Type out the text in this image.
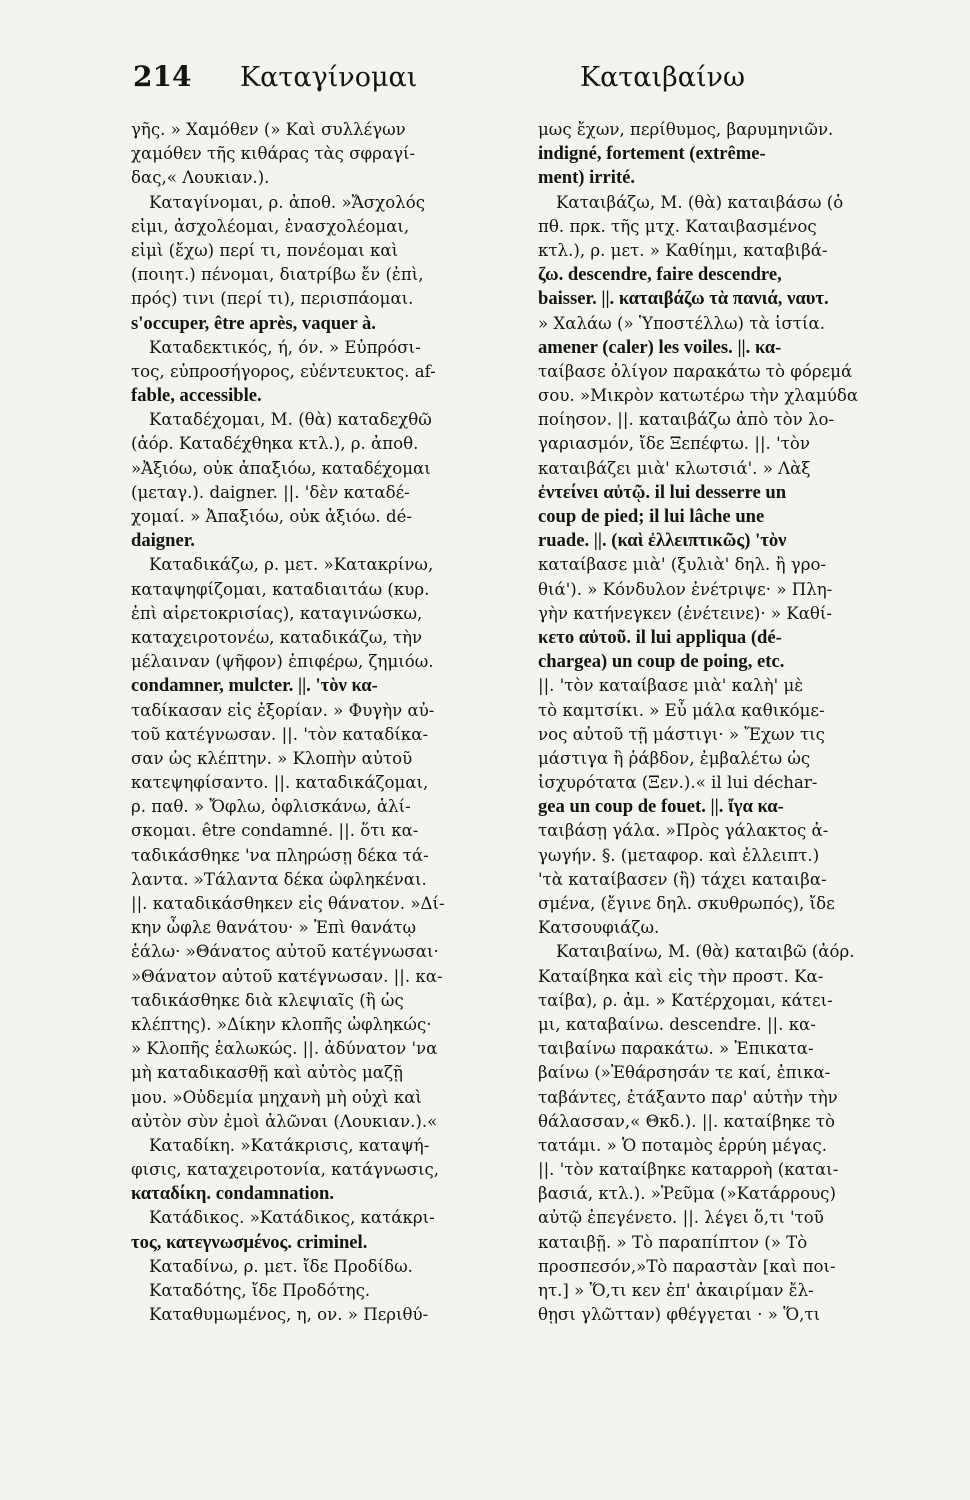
214 Καταγίνομαι	Καταιβαίνω
γῆς. » Χαμόθεν (» Καὶ συλλέγων
χαμόθεν τῆς κιθάρας τὰς σφραγί-
δας,« Λουκιαν.).
Καταγίνομαι, ρ. ἀποθ. »Ἄσχολός
εἰμι, ἀσχολέομαι, ἐνασχολέομαι,
εἰμὶ (ἔχω) περί τι, πονέομαι καὶ
(ποιητ.) πένομαι, διατρίβω ἔν (ἐπὶ,
πρός) τινι (περί τι), περισπάομαι.
s'occuper, être après, vaquer à.
Καταδεκτικός, ή, όν. » Εὐπρόσι-
τος, εὐπροσήγορος, εὐέντευκτος. af-
fable, accessible.
Καταδέχομαι, Μ. (θὰ) καταδεχθῶ
(ἀόρ. Καταδέχθηκα κτλ.), ρ. ἀποθ.
»Ἀξιόω, οὐκ ἀπαξιόω, καταδέχομαι
(μεταγ.). daigner. ||. 'δὲν καταδέ-
χομαί. » Ἀπαξιόω, οὐκ ἀξιόω. dé-
daigner.
Καταδικάζω, ρ. μετ. »Κατακρίνω,
καταψηφίζομαι, καταδιαιτάω (κυρ.
ἐπὶ αἱρετοκρισίας), καταγινώσκω,
καταχειροτονέω, καταδικάζω, τὴν
μέλαιναν (ψῆφον) ἐπιφέρω, ζημιόω.
condamner, mulcter. ||. 'τὸν κα-
ταδίκασαν εἰς ἐξορίαν. » Φυγὴν αὐ-
τοῦ κατέγνωσαν. ||. 'τὸν καταδίκα-
σαν ὡς κλέπτην. » Κλοπὴν αὐτοῦ
κατεψηφίσαντο. ||. καταδικάζομαι,
ρ. παθ. » Ὄφλω, ὀφλισκάνω, ἁλί-
σκομαι. être condamné. ||. ὅτι κα-
ταδικάσθηκε 'να πληρώσῃ δέκα τά-
λαντα. »Τάλαντα δέκα ὠφληκέναι.
||. καταδικάσθηκεν εἰς θάνατον. »Δί-
κην ὦφλε θανάτου· » Ἐπὶ θανάτῳ
ἑάλω· »Θάνατος αὐτοῦ κατέγνωσαι·
»Θάνατον αὐτοῦ κατέγνωσαν. ||. κα-
ταδικάσθηκε διὰ κλεψιαῖς (ἢ ὡς
κλέπτης). »Δίκην κλοπῆς ὠφληκώς·
» Κλοπῆς ἑαλωκώς. ||. ἀδύνατον 'να
μὴ καταδικασθῇ καὶ αὐτὸς μαζῇ
μου. »Οὐδεμία μηχανὴ μὴ οὐχὶ καὶ
αὐτὸν σὺν ἐμοὶ ἁλῶναι (Λουκιαν.).«
Καταδίκη. »Κατάκρισις, καταψή-
φισις, καταχειροτονία, κατάγνωσις,
καταδίκη. condamnation.
Κατάδικος. »Κατάδικος, κατάκρι-
τος, κατεγνωσμένος. criminel.
Καταδίνω, ρ. μετ. ἴδε Προδίδω.
Καταδότης, ἴδε Προδότης.
Καταθυμωμένος, η, ον. » Περιθύ-
μως ἔχων, περίθυμος, βαρυμηνιῶν.
indigné, fortement (extrême-
ment) irrité.
Καταιβάζω, Μ. (θὰ) καταιβάσω (ὁ
πθ. πρκ. τῆς μτχ. Καταιβασμένος
κτλ.), ρ. μετ. » Καθίημι, καταβιβά-
ζω. descendre, faire descendre,
baisser. ||. καταιβάζω τὰ πανιά, ναυτ.
» Χαλάω (» Ὑποστέλλω) τὰ ἱστία.
amener (caler) les voiles. ||. κα-
ταίβασε ὀλίγον παρακάτω τὸ φόρεμά
σου. »Μικρὸν κατωτέρω τὴν χλαμύδα
ποίησον. ||. καταιβάζω ἀπὸ τὸν λο-
γαριασμόν, ἴδε Ξεπέφτω. ||. 'τὸν
καταιβάζει μιὰ' κλωτσιά'. » Λὰξ
ἐντείνει αὐτῷ. il lui desserre un
coup de pied; il lui lâche une
ruade. ||. (καὶ ἐλλειπτικῶς) 'τὸν
καταίβασε μιὰ' (ξυλιὰ' δηλ. ἢ γρο-
θιά'). » Κόνδυλον ἐνέτριψε· » Πλη-
γὴν κατήνεγκεν (ἐνέτεινε)· » Καθί-
κετο αὐτοῦ. il lui appliqua (dé-
chargea) un coup de poing, etc.
||. 'τὸν καταίβασε μιὰ' καλὴ' μὲ
τὸ καμτσίκι. » Εὖ μάλα καθικόμε-
νος αὐτοῦ τῇ μάστιγι· » Ἔχων τις
μάστιγα ἢ ῥάβδον, ἐμβαλέτω ὡς
ἰσχυρότατα (Ξεν.).« il lui déchar-
gea un coup de fouet. ||. ἴγα κα-
ταιβάσῃ γάλα. »Πρὸς γάλακτος ἀ-
γωγήν. §. (μεταφορ. καὶ ἐλλειπτ.)
'τὰ καταίβασεν (ἢ) τάχει καταιβα-
σμένα, (ἔγινε δηλ. σκυθρωπός), ἴδε
Κατσουφιάζω.
Καταιβαίνω, Μ. (θὰ) καταιβῶ (ἀόρ.
Καταίβηκα καὶ εἰς τὴν προστ. Κα-
ταίβα), ρ. ἀμ. » Κατέρχομαι, κάτει-
μι, καταβαίνω. descendre. ||. κα-
ταιβαίνω παρακάτω. » Ἐπικατα-
βαίνω (»Ἐθάρσησάν τε καί, ἐπικα-
ταβάντες, ἐτάξαντο παρ' αὐτὴν τὴν
θάλασσαν,« Θκδ.). ||. καταίβηκε τὸ
τατάμι. » Ὁ ποταμὸς ἐρρύη μέγας.
||. 'τὸν καταίβηκε καταρροὴ (καται-
βασιά, κτλ.). »Ῥεῦμα (»Κατάρρους)
αὐτῷ ἐπεγένετο. ||. λέγει ὅ,τι 'τοῦ
καταιβῇ. » Τὸ παραπίπτον (» Τὸ
προσπεσόν,»Τὸ παραστὰν [καὶ ποι-
ητ.] » Ὅ,τι κεν ἐπ' ἀκαιρίμαν ἔλ-
θῃσι γλῶτταν) φθέγγεται · » Ὅ,τι
